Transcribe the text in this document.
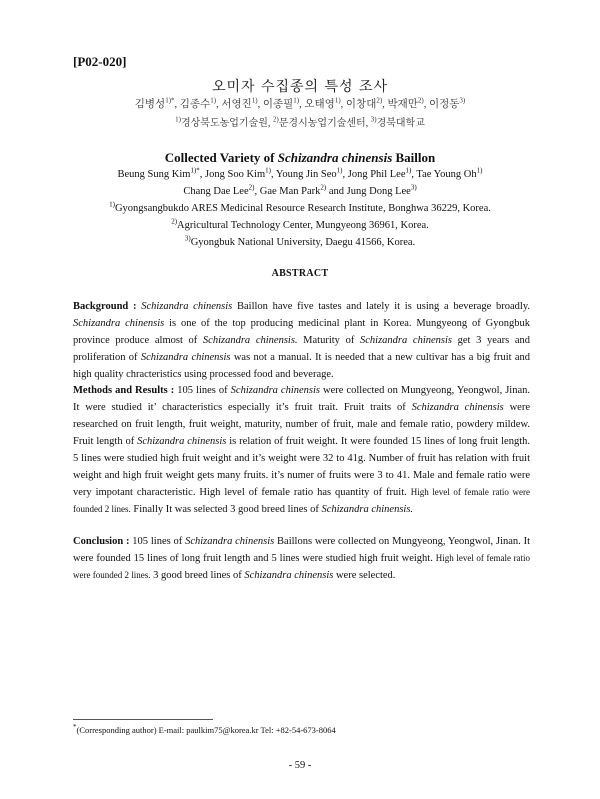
[P02-020]
오미자 수집종의 특성 조사
김병성$^{1)*}$, 김종수$^{1)}$, 서영진$^{1)}$, 이종필$^{1)}$, 오태영$^{1)}$, 이창대$^{2)}$, 박재만$^{2)}$, 이정동$^{3)}$
$^{1)}$경상북도농업기술원, $^{2)}$문경시농업기술센터, $^{3)}$경북대학교
Collected Variety of Schizandra chinensis Baillon
Beung Sung Kim$^{1)*}$, Jong Soo Kim$^{1)}$, Young Jin Seo$^{1)}$, Jong Phil Lee$^{1)}$, Tae Young Oh$^{1)}$
Chang Dae Lee$^{2)}$, Gae Man Park$^{2)}$ and Jung Dong Lee$^{3)}$
$^{1)}$Gyongsangbukdo ARES Medicinal Resource Research Institute, Bonghwa 36229, Korea.
$^{2)}$Agricultural Technology Center, Mungyeong 36961, Korea.
$^{3)}$Gyongbuk National University, Daegu 41566, Korea.
ABSTRACT
Background : Schizandra chinensis Baillon have five tastes and lately it is using a beverage broadly. Schizandra chinensis is one of the top producing medicinal plant in Korea. Mungyeong of Gyongbuk province produce almost of Schizandra chinensis. Maturity of Schizandra chinensis get 3 years and proliferation of Schizandra chinensis was not a manual. It is needed that a new cultivar has a big fruit and high quality chracteristics using processed food and beverage.
Methods and Results : 105 lines of Schizandra chinensis were collected on Mungyeong, Yeongwol, Jinan. It were studied it’ characteristics especially it’s fruit trait. Fruit traits of Schizandra chinensis were researched on fruit length, fruit weight, maturity, number of fruit, male and female ratio, powdery mildew. Fruit length of Schizandra chinensis is relation of fruit weight. It were founded 15 lines of long fruit length. 5 lines were studied high fruit weight and it’s weight were 32 to 41g. Number of fruit has relation with fruit weight and high fruit weight gets many fruits. it’s numer of fruits were 3 to 41. Male and female ratio were very impotant characteristic. High level of female ratio has quantity of fruit. High level of female ratio were founded 2 lines. Finally It was selected 3 good breed lines of Schizandra chinensis.
Conclusion : 105 lines of Schizandra chinensis Baillons were collected on Mungyeong, Yeongwol, Jinan. It were founded 15 lines of long fruit length and 5 lines were studied high fruit weight. High level of female ratio were founded 2 lines. 3 good breed lines of Schizandra chinensis were selected.
*(Corresponding author) E-mail: paulkim75@korea.kr Tel: +82-54-673-8064
- 59 -
